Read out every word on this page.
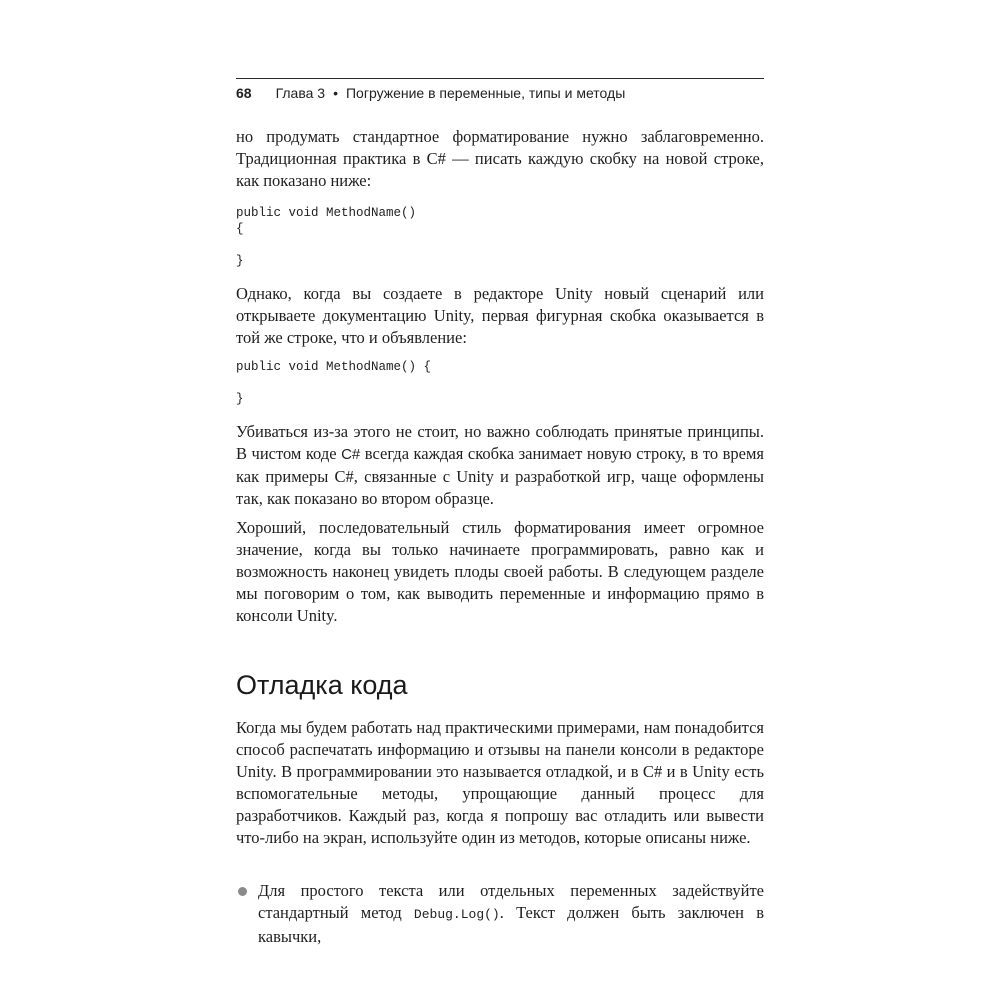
68 Глава 3 • Погружение в переменные, типы и методы

но продумать стандартное форматирование нужно заблаговременно. Традиционная практика в C# — писать каждую скобку на новой строке, как показано ниже:

public void MethodName()
{

}

Однако, когда вы создаете в редакторе Unity новый сценарий или открываете документацию Unity, первая фигурная скобка оказывается в той же строке, что и объявление:

public void MethodName() {

}

Убиваться из-за этого не стоит, но важно соблюдать принятые принципы. В чистом коде C# всегда каждая скобка занимает новую строку, в то время как примеры C#, связанные с Unity и разработкой игр, чаще оформлены так, как показано во втором образце.

Хороший, последовательный стиль форматирования имеет огромное значение, когда вы только начинаете программировать, равно как и возможность наконец увидеть плоды своей работы. В следующем разделе мы поговорим о том, как выводить переменные и информацию прямо в консоли Unity.

Отладка кода

Когда мы будем работать над практическими примерами, нам понадобится способ распечатать информацию и отзывы на панели консоли в редакторе Unity. В программировании это называется отладкой, и в C# и в Unity есть вспомогательные методы, упрощающие данный процесс для разработчиков. Каждый раз, когда я попрошу вас отладить или вывести что-либо на экран, используйте один из методов, которые описаны ниже.

Для простого текста или отдельных переменных задействуйте стандартный метод Debug.Log(). Текст должен быть заключен в кавычки,
